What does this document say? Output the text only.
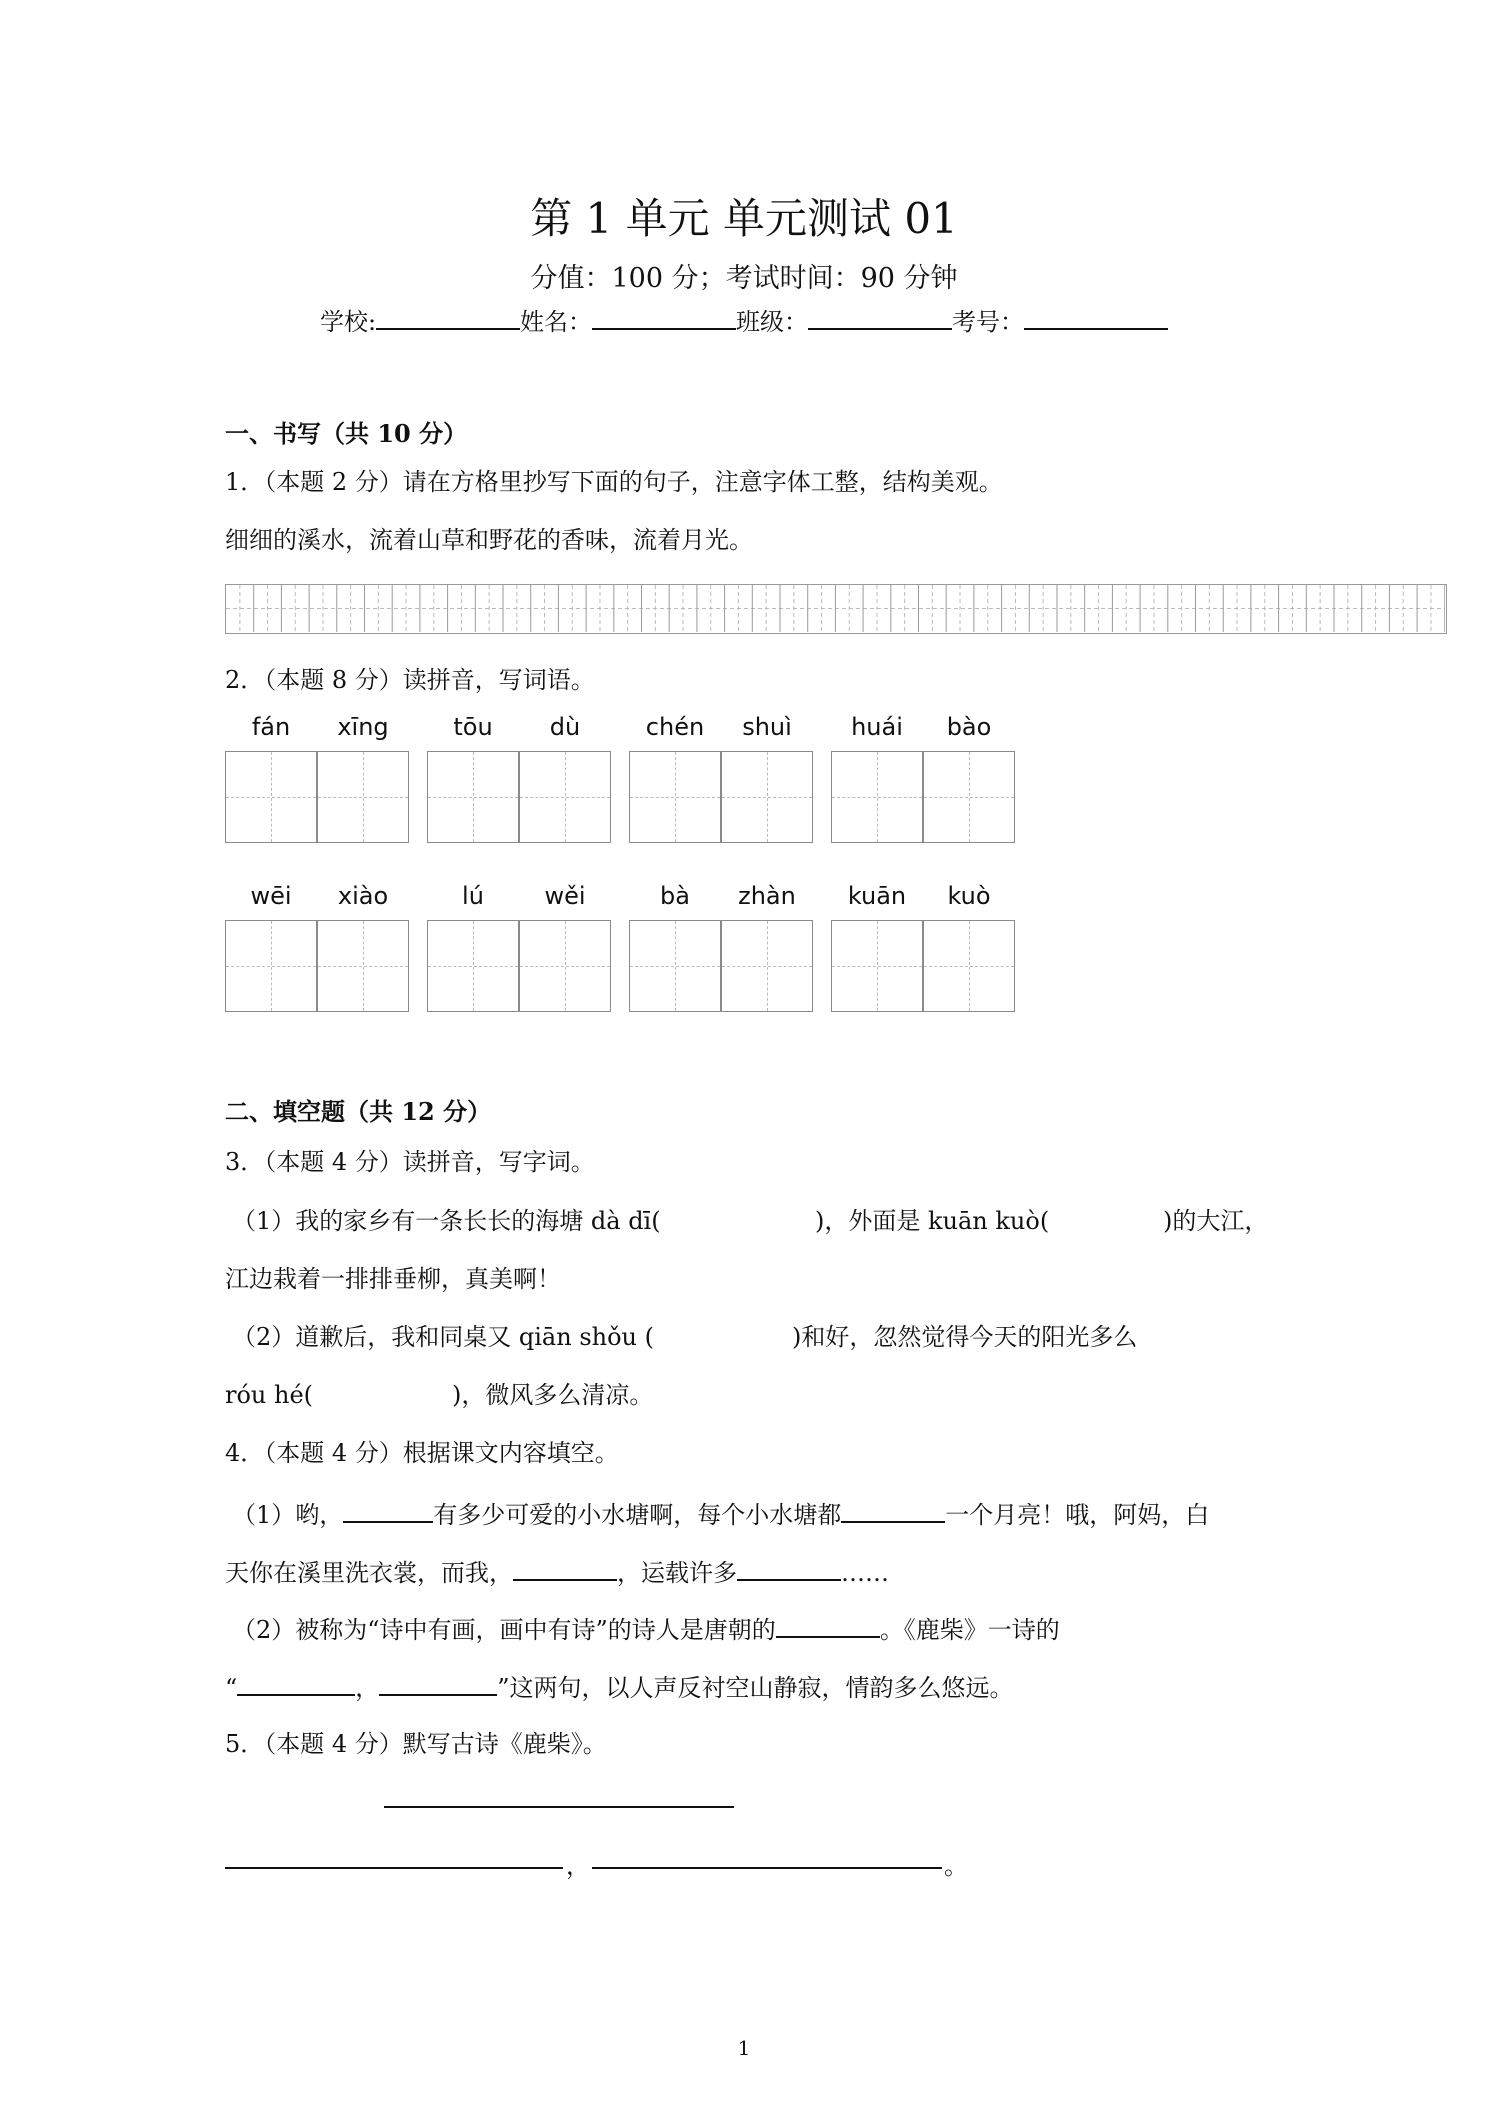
第 1 单元 单元测试 01
分值：100 分；考试时间：90 分钟
学校:	姓名：	班级：	考号：
一、书写（共 10 分）
1．（本题 2 分）请在方格里抄写下面的句子，注意字体工整，结构美观。
细细的溪水，流着山草和野花的香味，流着月光。
2．（本题 8 分）读拼音，写词语。
fán	xīng	tōu	dù	chén	shuì	huái	bào
wēi	xiào	lú	wěi	bà	zhàn	kuān	kuò
二、填空题（共 12 分）
3．（本题 4 分）读拼音，写字词。
（1）我的家乡有一条长长的海塘 dà dī(	)，外面是 kuān kuò(	)的大江，
江边栽着一排排垂柳，真美啊！
（2）道歉后，我和同桌又 qiān shǒu (	)和好，忽然觉得今天的阳光多么
róu hé(	)，微风多么清凉。
4．（本题 4 分）根据课文内容填空。
（1）哟，	有多少可爱的小水塘啊，每个小水塘都	一个月亮！哦，阿妈，白
天你在溪里洗衣裳，而我，	，运载许多	……
（2）被称为“诗中有画，画中有诗”的诗人是唐朝的	。《鹿柴》一诗的
“	，	”这两句，以人声反衬空山静寂，情韵多么悠远。
5．（本题 4 分）默写古诗《鹿柴》。
，	。
1
